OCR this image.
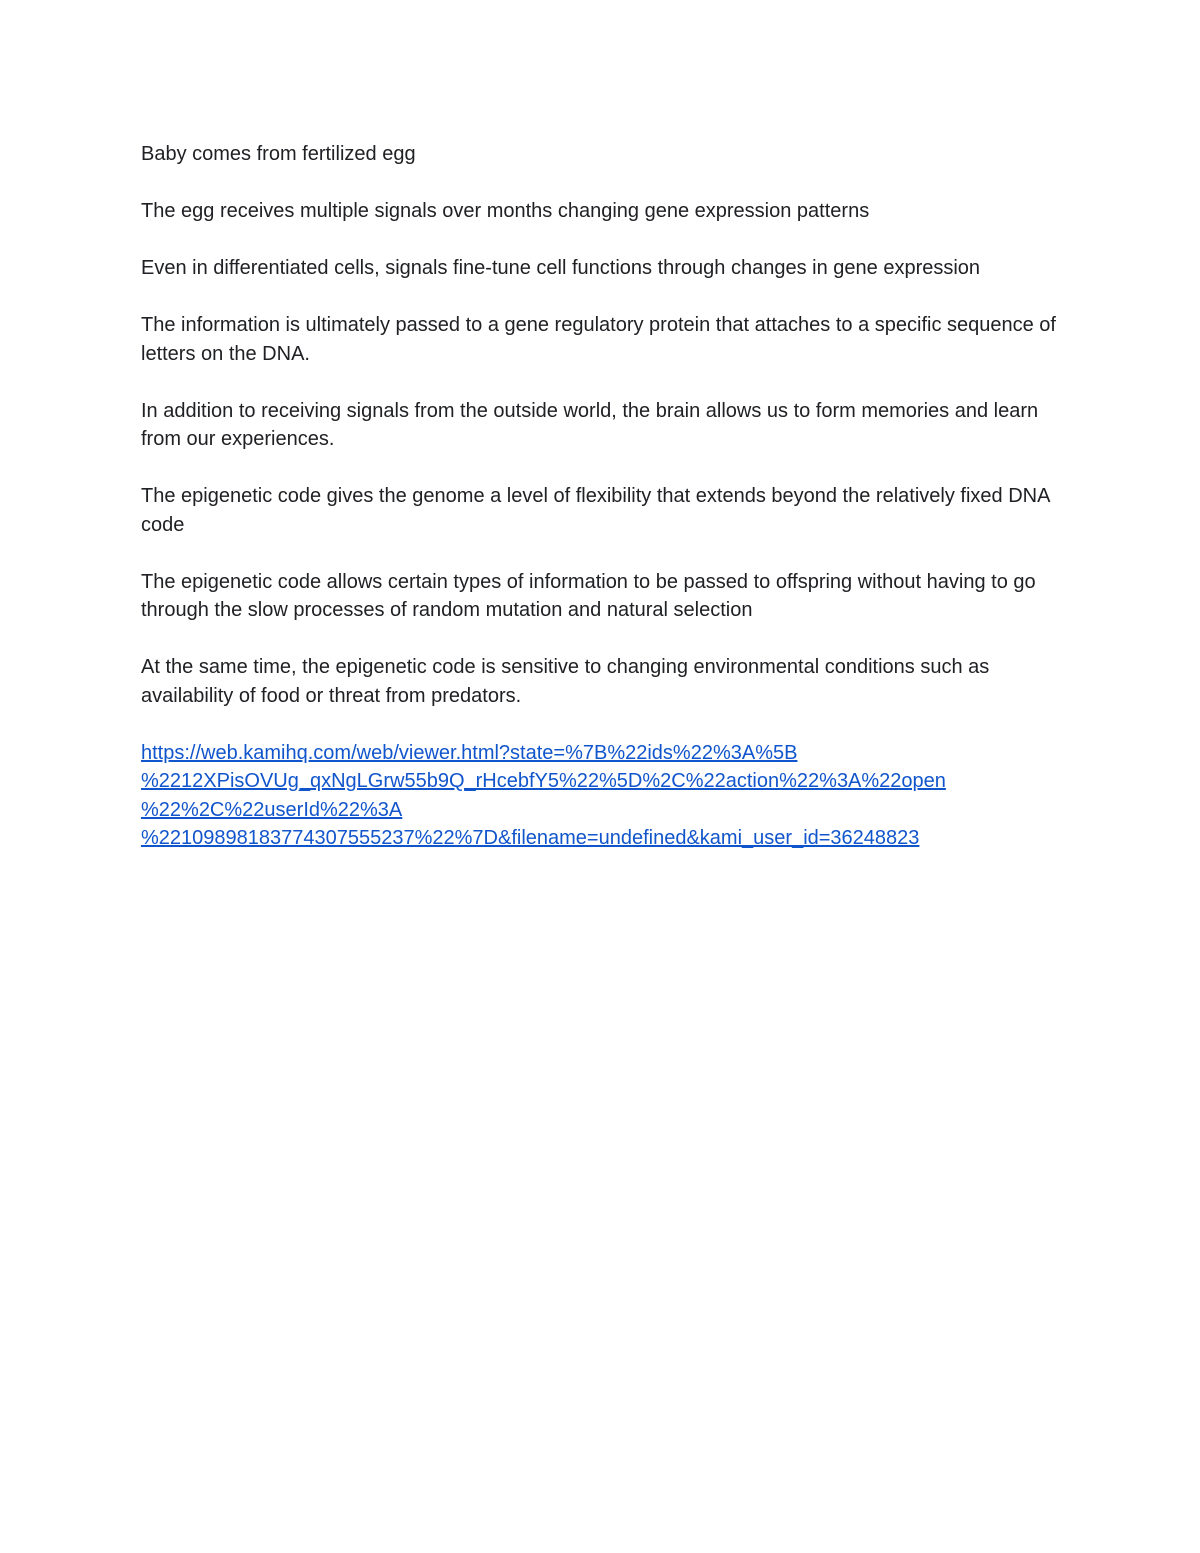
Baby comes from fertilized egg

The egg receives multiple signals over months changing gene expression patterns

Even in differentiated cells, signals fine-tune cell functions through changes in gene expression

The information is ultimately passed to a gene regulatory protein that attaches to a specific sequence of letters on the DNA.

In addition to receiving signals from the outside world, the brain allows us to form memories and learn from our experiences.

The epigenetic code gives the genome a level of flexibility that extends beyond the relatively fixed DNA code

The epigenetic code allows certain types of information to be passed to offspring without having to go through the slow processes of random mutation and natural selection

At the same time, the epigenetic code is sensitive to changing environmental conditions such as availability of food or threat from predators.

https://web.kamihq.com/web/viewer.html?state=%7B%22ids%22%3A%5B
%2212XPisOVUg_qxNgLGrw55b9Q_rHcebfY5%22%5D%2C%22action%22%3A%22open
%22%2C%22userId%22%3A
%22109898183774307555237%22%7D&filename=undefined&kami_user_id=36248823
